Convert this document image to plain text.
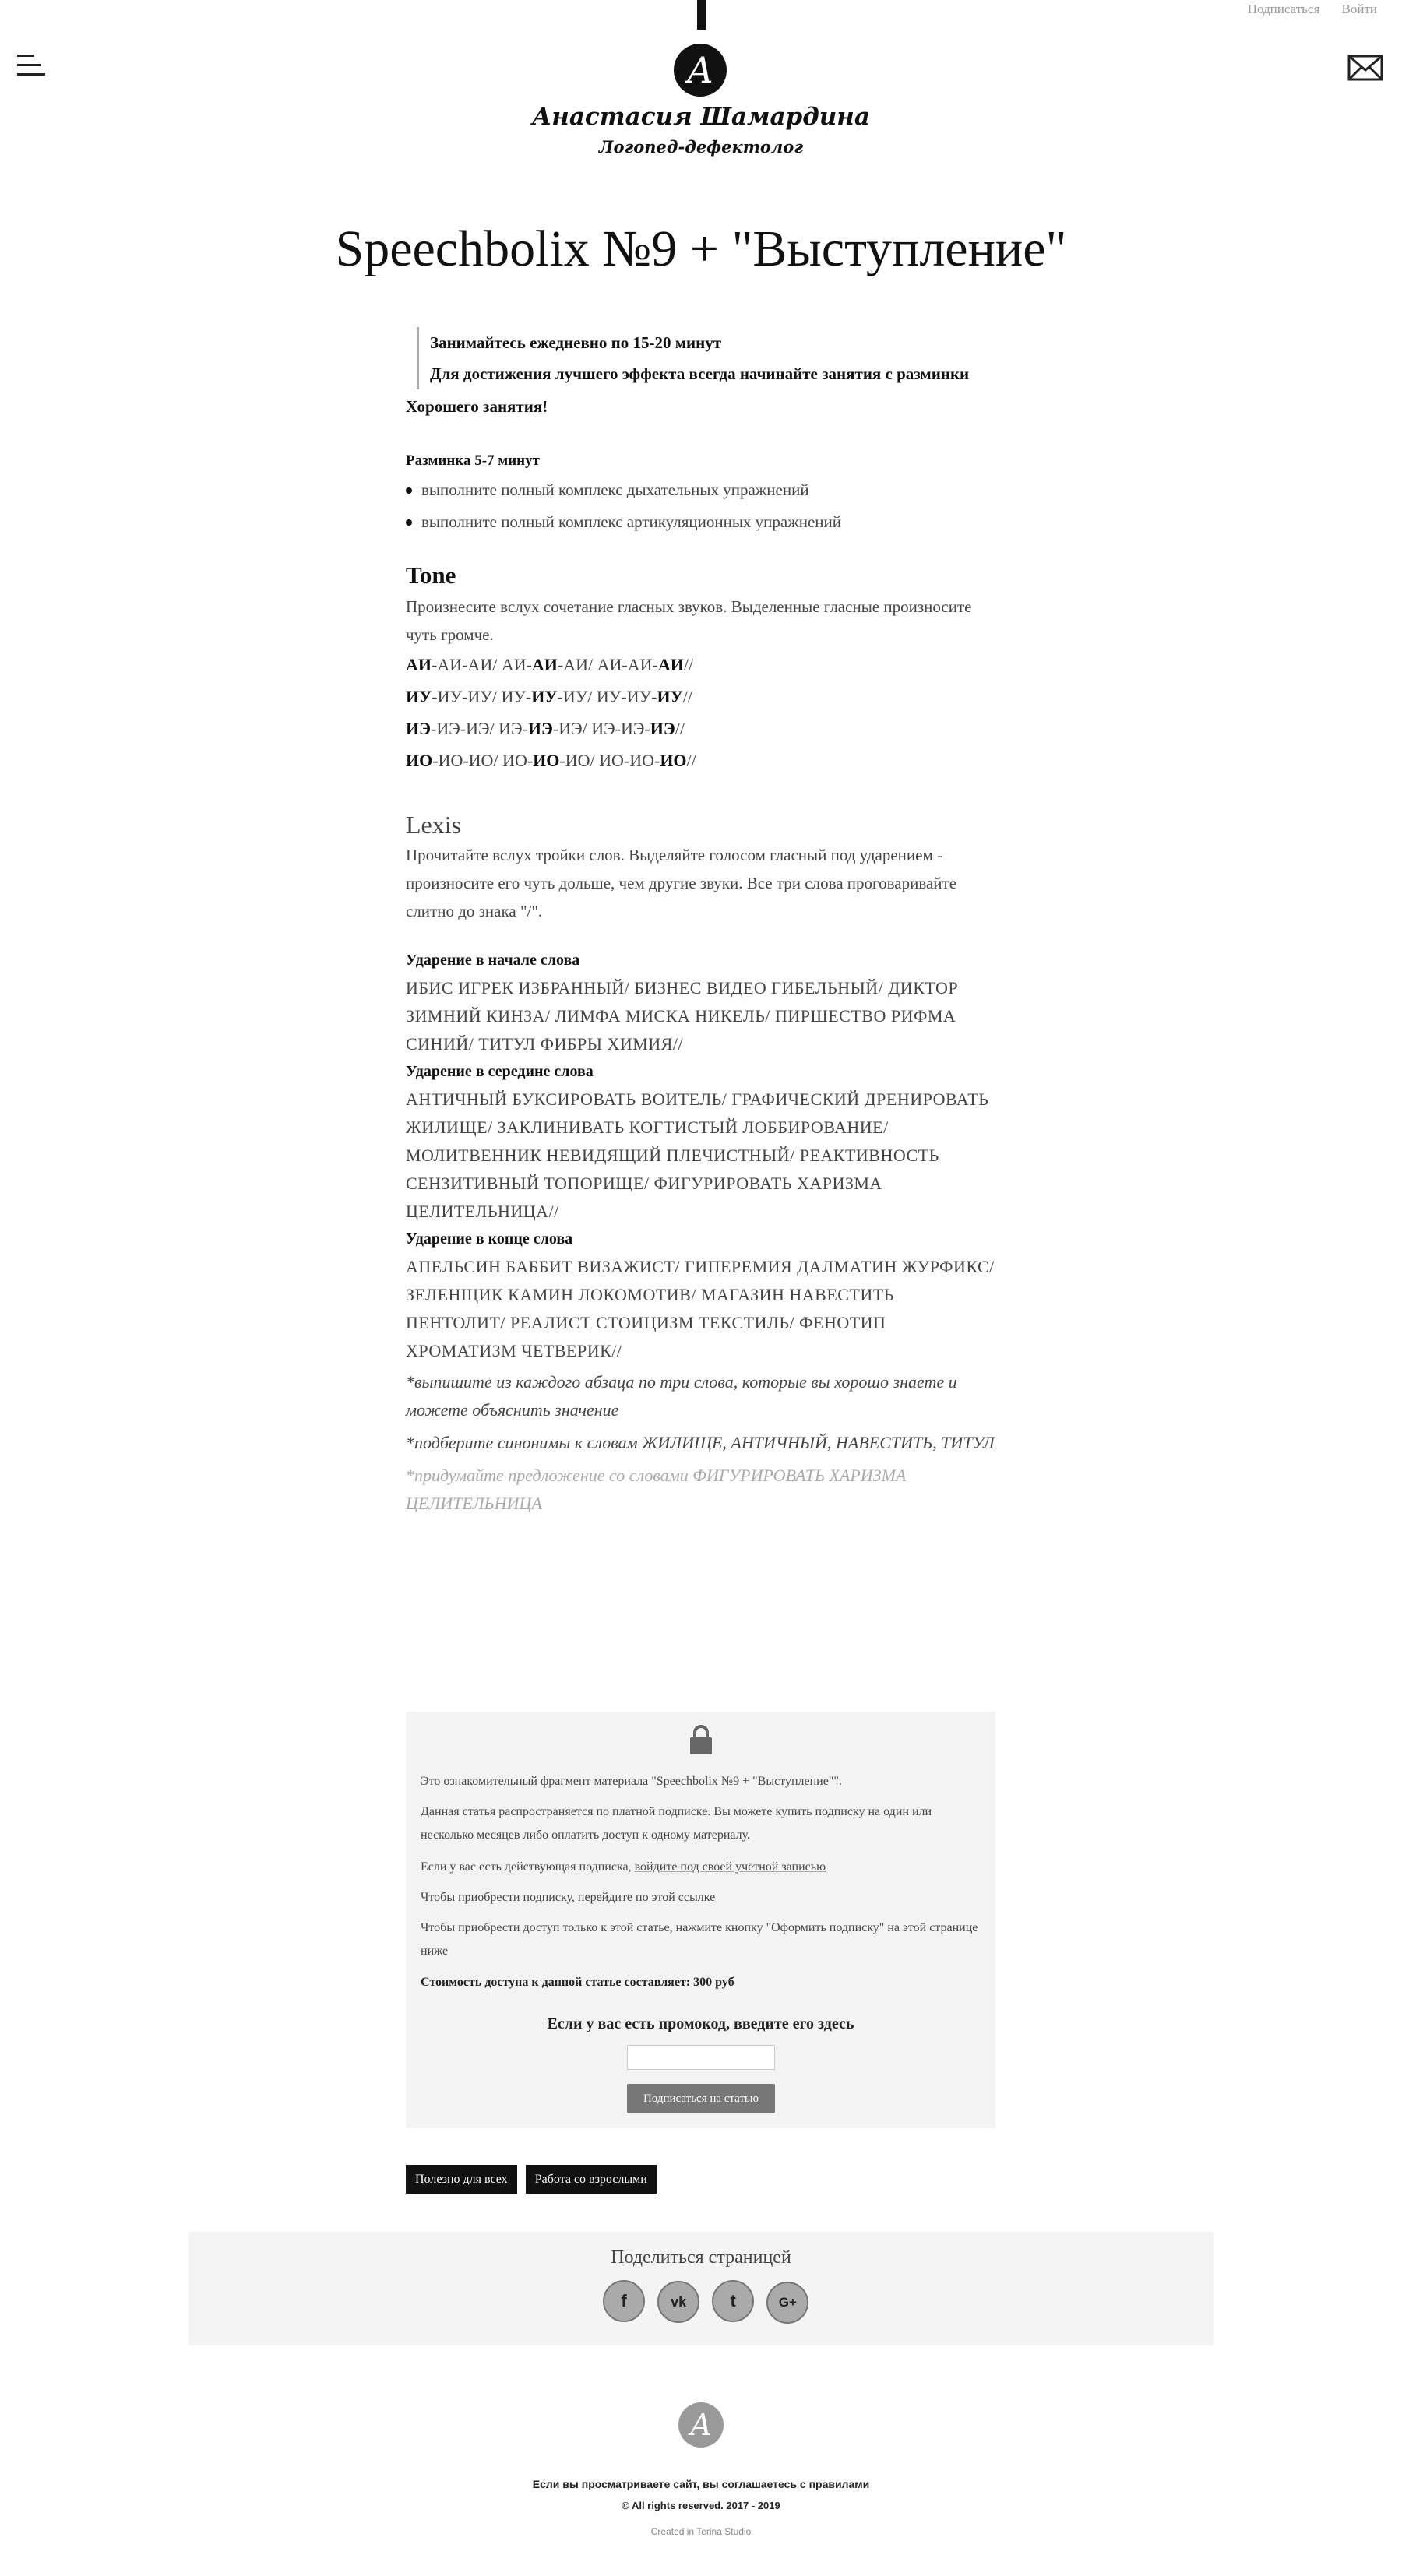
Подписаться Войти
А
Анастасия Шамардина
Логопед-дефектолог
Speechbolix №9 + "Выступление"

Занимайтесь ежедневно по 15-20 минут

Для достижения лучшего эффекта всегда начинайте занятия с разминки

Хорошего занятия!

Разминка 5-7 минут

выполните полный комплекс дыхательных упражнений
выполните полный комплекс артикуляционных упражнений
Tone

Произнесите вслух сочетание гласных звуков. Выделенные гласные произносите чуть громче.

АИ-АИ-АИ/ АИ-АИ-АИ/ АИ-АИ-АИ//

ИУ-ИУ-ИУ/ ИУ-ИУ-ИУ/ ИУ-ИУ-ИУ//

ИЭ-ИЭ-ИЭ/ ИЭ-ИЭ-ИЭ/ ИЭ-ИЭ-ИЭ//

ИО-ИО-ИО/ ИО-ИО-ИО/ ИО-ИО-ИО//

Lexis

Прочитайте вслух тройки слов. Выделяйте голосом гласный под ударением - произносите его чуть дольше, чем другие звуки. Все три слова проговаривайте слитно до знака "/".

Ударение в начале слова

ИБИС ИГРЕК ИЗБРАННЫЙ/ БИЗНЕС ВИДЕО ГИБЕЛЬНЫЙ/ ДИКТОР ЗИМНИЙ КИНЗА/ ЛИМФА МИСКА НИКЕЛЬ/ ПИРШЕСТВО РИФМА СИНИЙ/ ТИТУЛ ФИБРЫ ХИМИЯ//

Ударение в середине слова

АНТИЧНЫЙ БУКСИРОВАТЬ ВОИТЕЛЬ/ ГРАФИЧЕСКИЙ ДРЕНИРОВАТЬ ЖИЛИЩЕ/ ЗАКЛИНИВАТЬ КОГТИСТЫЙ ЛОББИРОВАНИЕ/ МОЛИТВЕННИК НЕВИДЯЩИЙ ПЛЕЧИСТНЫЙ/ РЕАКТИВНОСТЬ СЕНЗИТИВНЫЙ ТОПОРИЩЕ/ ФИГУРИРОВАТЬ ХАРИЗМА ЦЕЛИТЕЛЬНИЦА//

Ударение в конце слова

АПЕЛЬСИН БАББИТ ВИЗАЖИСТ/ ГИПЕРЕМИЯ ДАЛМАТИН ЖУРФИКС/ ЗЕЛЕНЩИК КАМИН ЛОКОМОТИВ/ МАГАЗИН НАВЕСТИТЬ ПЕНТОЛИТ/ РЕАЛИСТ СТОИЦИЗМ ТЕКСТИЛЬ/ ФЕНОТИП ХРОМАТИЗМ ЧЕТВЕРИК//

*выпишите из каждого абзаца по три слова, которые вы хорошо знаете и можете объяснить значение

*подберите синонимы к словам ЖИЛИЩЕ, АНТИЧНЫЙ, НАВЕСТИТЬ, ТИТУЛ

*придумайте предложение со словами ФИГУРИРОВАТЬ ХАРИЗМА ЦЕЛИТЕЛЬНИЦА

Это ознакомительный фрагмент материала "Speechbolix №9 + "Выступление"".

Данная статья распространяется по платной подписке. Вы можете купить подписку на один или несколько месяцев либо оплатить доступ к одному материалу.

Если у вас есть действующая подписка, войдите под своей учётной записью

Чтобы приобрести подписку, перейдите по этой ссылке

Чтобы приобрести доступ только к этой статье, нажмите кнопку "Оформить подписку" на этой странице ниже

Стоимость доступа к данной статье составляет: 300 руб

Если у вас есть промокод, введите его здесь

Подписаться на статью
Полезно для всех Работа со взрослыми

Поделиться страницей

f	vk	t	G+
А

Если вы просматриваете сайт, вы соглашаетесь с правилами

© All rights reserved. 2017 - 2019

Created in Terina Studio
